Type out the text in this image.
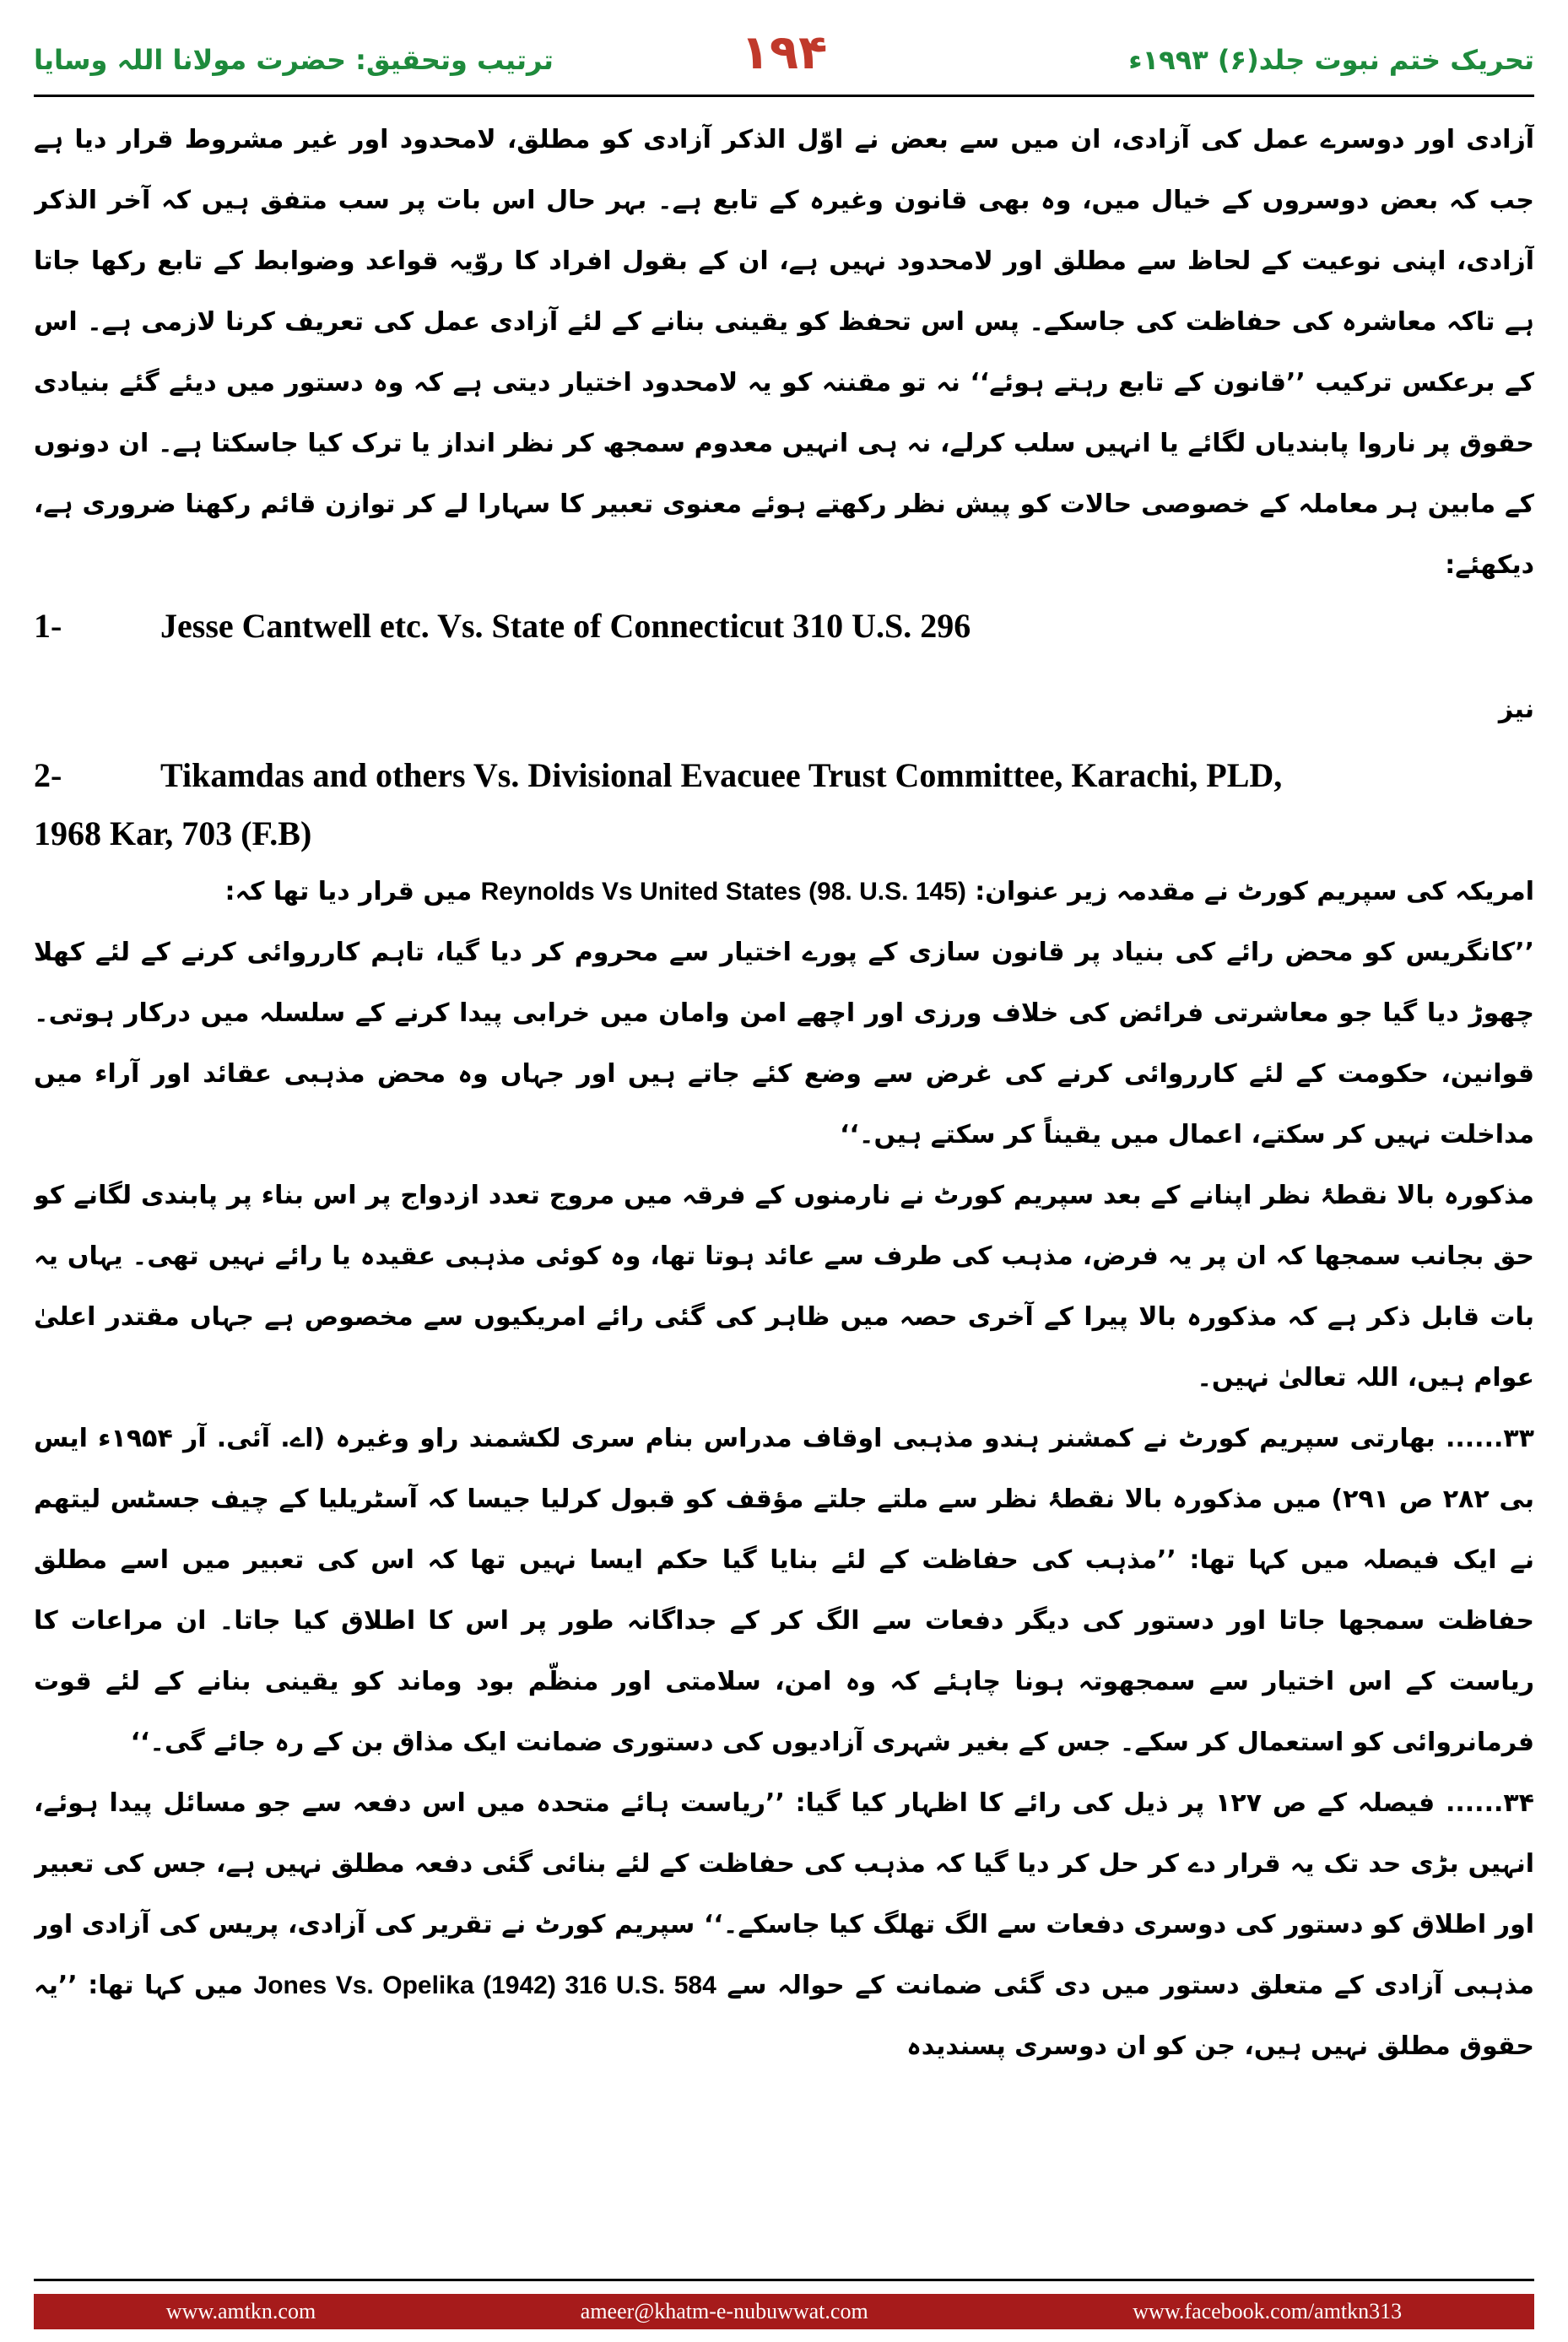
ترتیب وتحقیق: حضرت مولانا اللہ وسایا	۱۹۴	تحریک ختم نبوت جلد(۶) ۱۹۹۳ء

آزادی اور دوسرے عمل کی آزادی، ان میں سے بعض نے اوّل الذکر آزادی کو مطلق، لامحدود اور غیر مشروط قرار دیا ہے جب کہ بعض دوسروں کے خیال میں، وہ بھی قانون وغیرہ کے تابع ہے۔ بہر حال اس بات پر سب متفق ہیں کہ آخر الذکر آزادی، اپنی نوعیت کے لحاظ سے مطلق اور لامحدود نہیں ہے، ان کے بقول افراد کا روّیہ قواعد وضوابط کے تابع رکھا جاتا ہے تاکہ معاشرہ کی حفاظت کی جاسکے۔ پس اس تحفظ کو یقینی بنانے کے لئے آزادی عمل کی تعریف کرنا لازمی ہے۔ اس کے برعکس ترکیب ’’قانون کے تابع رہتے ہوئے‘‘ نہ تو مقننہ کو یہ لامحدود اختیار دیتی ہے کہ وہ دستور میں دیئے گئے بنیادی حقوق پر ناروا پابندیاں لگائے یا انہیں سلب کرلے، نہ ہی انہیں معدوم سمجھ کر نظر انداز یا ترک کیا جاسکتا ہے۔ ان دونوں کے مابین ہر معاملہ کے خصوصی حالات کو پیش نظر رکھتے ہوئے معنوی تعبیر کا سہارا لے کر توازن قائم رکھنا ضروری ہے، دیکھئے:

1-	Jesse Cantwell etc. Vs. State of Connecticut 310 U.S. 296

نیز

2-	Tikamdas and others Vs. Divisional Evacuee Trust Committee, Karachi, PLD,

1968 Kar, 703 (F.B)

امریکہ کی سپریم کورٹ نے مقدمہ زیر عنوان: Reynolds Vs United States (98. U.S. 145) میں قرار دیا تھا کہ:

’’کانگریس کو محض رائے کی بنیاد پر قانون سازی کے پورے اختیار سے محروم کر دیا گیا، تاہم کارروائی کرنے کے لئے کھلا چھوڑ دیا گیا جو معاشرتی فرائض کی خلاف ورزی اور اچھے امن وامان میں خرابی پیدا کرنے کے سلسلہ میں درکار ہوتی۔ قوانین، حکومت کے لئے کارروائی کرنے کی غرض سے وضع کئے جاتے ہیں اور جہاں وہ محض مذہبی عقائد اور آراء میں مداخلت نہیں کر سکتے، اعمال میں یقیناً کر سکتے ہیں۔‘‘

مذکورہ بالا نقطۂ نظر اپنانے کے بعد سپریم کورٹ نے نارمنوں کے فرقہ میں مروج تعدد ازدواج پر اس بناء پر پابندی لگانے کو حق بجانب سمجھا کہ ان پر یہ فرض، مذہب کی طرف سے عائد ہوتا تھا، وہ کوئی مذہبی عقیدہ یا رائے نہیں تھی۔ یہاں یہ بات قابل ذکر ہے کہ مذکورہ بالا پیرا کے آخری حصہ میں ظاہر کی گئی رائے امریکیوں سے مخصوص ہے جہاں مقتدر اعلیٰ عوام ہیں، اللہ تعالیٰ نہیں۔

۳۳...... بھارتی سپریم کورٹ نے کمشنر ہندو مذہبی اوقاف مدراس بنام سری لکشمند راو وغیرہ (اے. آئی. آر ۱۹۵۴ء ایس بی ۲۸۲ ص ۲۹۱) میں مذکورہ بالا نقطۂ نظر سے ملتے جلتے مؤقف کو قبول کرلیا جیسا کہ آسٹریلیا کے چیف جسٹس لیتھم نے ایک فیصلہ میں کہا تھا: ’’مذہب کی حفاظت کے لئے بنایا گیا حکم ایسا نہیں تھا کہ اس کی تعبیر میں اسے مطلق حفاظت سمجھا جاتا اور دستور کی دیگر دفعات سے الگ کر کے جداگانہ طور پر اس کا اطلاق کیا جاتا۔ ان مراعات کا ریاست کے اس اختیار سے سمجھوتہ ہونا چاہئے کہ وہ امن، سلامتی اور منظّم بود وماند کو یقینی بنانے کے لئے قوت فرمانروائی کو استعمال کر سکے۔ جس کے بغیر شہری آزادیوں کی دستوری ضمانت ایک مذاق بن کے رہ جائے گی۔‘‘

۳۴...... فیصلہ کے ص ۱۲۷ پر ذیل کی رائے کا اظہار کیا گیا: ’’ریاست ہائے متحدہ میں اس دفعہ سے جو مسائل پیدا ہوئے، انہیں بڑی حد تک یہ قرار دے کر حل کر دیا گیا کہ مذہب کی حفاظت کے لئے بنائی گئی دفعہ مطلق نہیں ہے، جس کی تعبیر اور اطلاق کو دستور کی دوسری دفعات سے الگ تھلگ کیا جاسکے۔‘‘ سپریم کورٹ نے تقریر کی آزادی، پریس کی آزادی اور مذہبی آزادی کے متعلق دستور میں دی گئی ضمانت کے حوالہ سے Jones Vs. Opelika (1942) 316 U.S. 584 میں کہا تھا: ’’یہ حقوق مطلق نہیں ہیں، جن کو ان دوسری پسندیدہ

www.amtkn.com	ameer@khatm-e-nubuwwat.com	www.facebook.com/amtkn313
